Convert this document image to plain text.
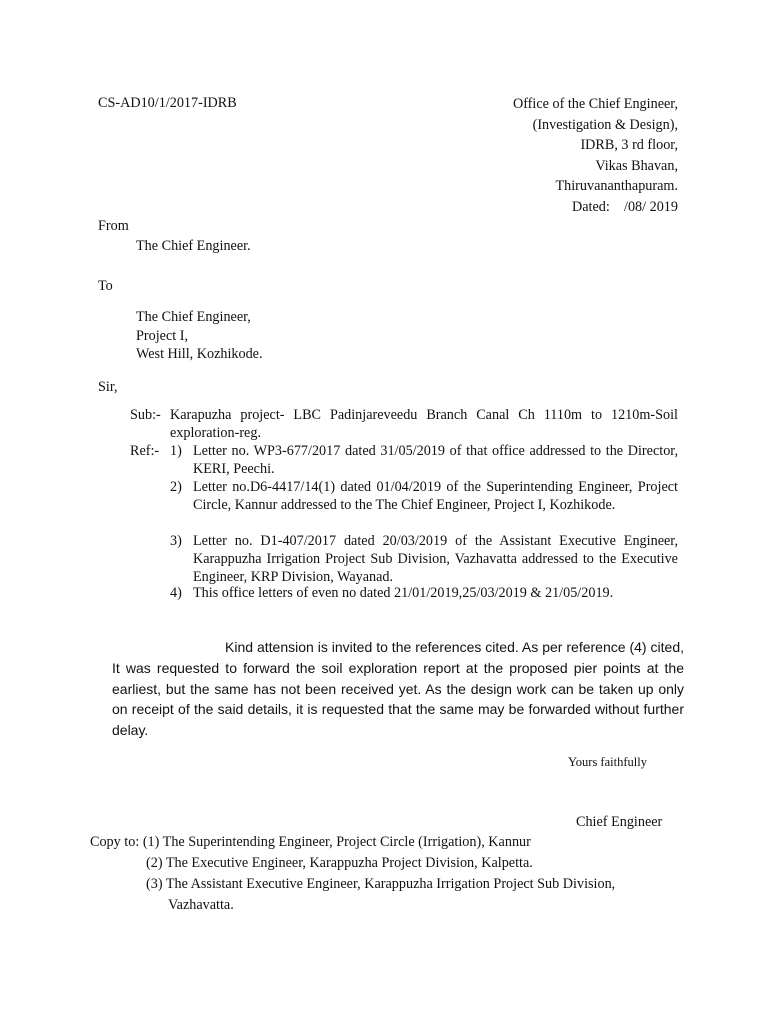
CS-AD10/1/2017-IDRB	Office of the Chief Engineer,
(Investigation & Design),
IDRB, 3 rd floor,
Vikas Bhavan,
Thiruvananthapuram.
Dated:    /08/ 2019
From
The Chief Engineer.
To
The Chief Engineer,
Project I,
West Hill, Kozhikode.
Sir,
Sub:- Karapuzha project- LBC Padinjareveedu Branch Canal Ch 1110m to 1210m-Soil exploration-reg.
Ref:- 1) Letter no. WP3-677/2017 dated 31/05/2019 of that office addressed to the Director, KERI, Peechi.
2) Letter no.D6-4417/14(1) dated 01/04/2019 of the Superintending Engineer, Project Circle, Kannur addressed to the The Chief Engineer, Project I, Kozhikode.
3) Letter no. D1-407/2017 dated 20/03/2019 of the Assistant Executive Engineer, Karappuzha Irrigation Project Sub Division, Vazhavatta addressed to the Executive Engineer, KRP Division, Wayanad.
4) This office letters of even no dated 21/01/2019,25/03/2019 & 21/05/2019.
Kind attension is invited to the references cited. As per reference (4) cited, It was requested to forward the soil exploration report at the proposed pier points at the earliest, but the same has not been received yet. As the design work can be taken up only on receipt of the said details, it is requested that the same may be forwarded without further delay.
Yours faithfully
Chief Engineer
Copy to: (1) The Superintending Engineer, Project Circle (Irrigation), Kannur
(2) The Executive Engineer, Karappuzha Project Division, Kalpetta.
(3) The Assistant Executive Engineer, Karappuzha Irrigation Project Sub Division,
Vazhavatta.
